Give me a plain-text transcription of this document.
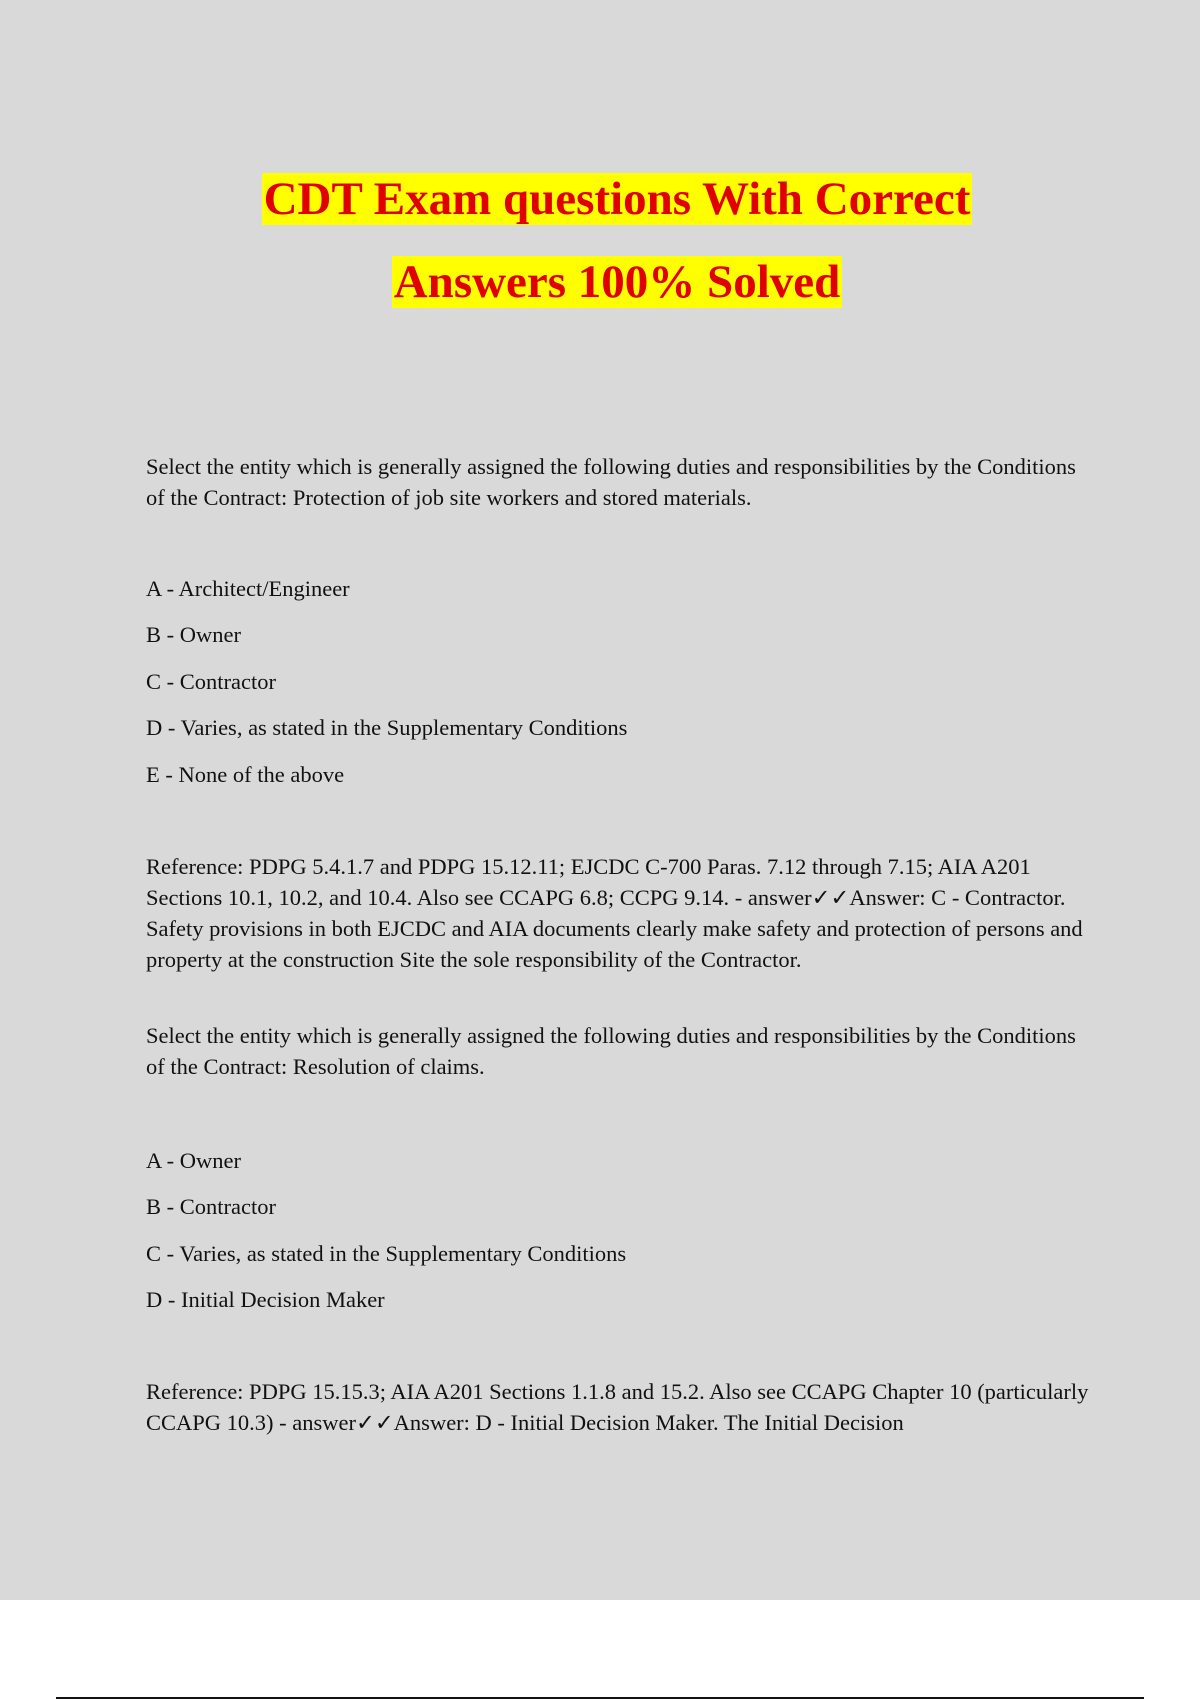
CDT Exam questions With Correct
Answers 100% Solved
Select the entity which is generally assigned the following duties and responsibilities by the Conditions of the Contract: Protection of job site workers and stored materials.
A - Architect/Engineer
B - Owner
C - Contractor
D - Varies, as stated in the Supplementary Conditions
E - None of the above
Reference: PDPG 5.4.1.7 and PDPG 15.12.11; EJCDC C-700 Paras. 7.12 through 7.15; AIA A201 Sections 10.1, 10.2, and 10.4. Also see CCAPG 6.8; CCPG 9.14. - answer✓✓Answer: C - Contractor. Safety provisions in both EJCDC and AIA documents clearly make safety and protection of persons and property at the construction Site the sole responsibility of the Contractor.
Select the entity which is generally assigned the following duties and responsibilities by the Conditions of the Contract: Resolution of claims.
A - Owner
B - Contractor
C - Varies, as stated in the Supplementary Conditions
D - Initial Decision Maker
Reference: PDPG 15.15.3; AIA A201 Sections 1.1.8 and 15.2. Also see CCAPG Chapter 10 (particularly CCAPG 10.3) - answer✓✓Answer: D - Initial Decision Maker. The Initial Decision
